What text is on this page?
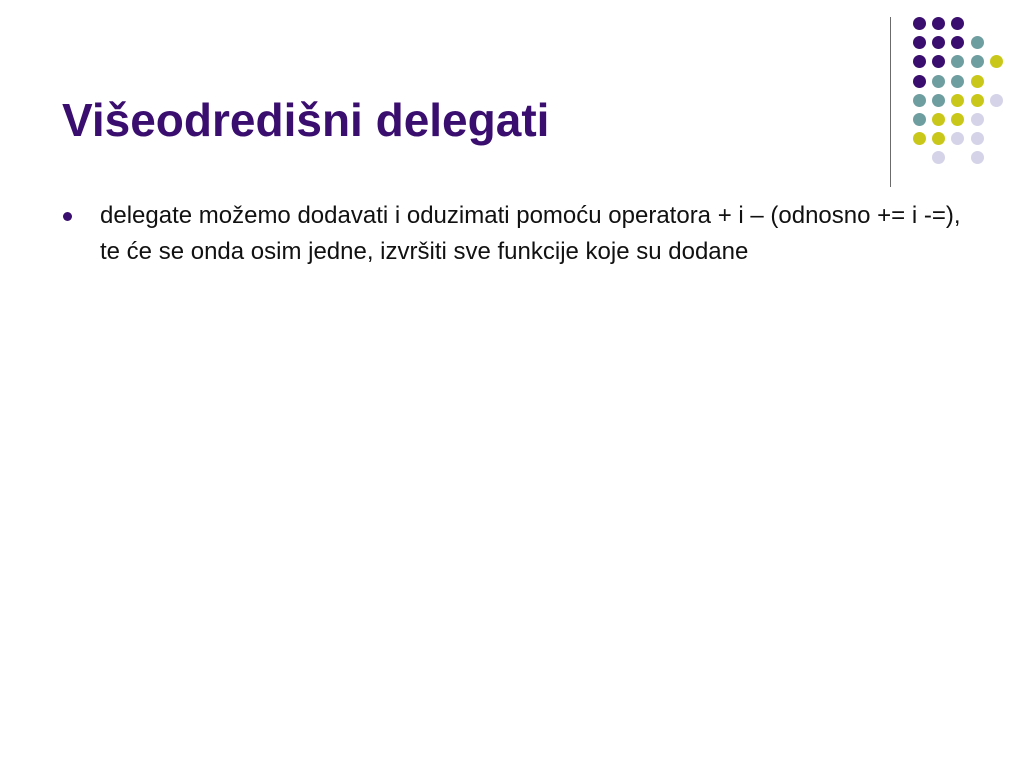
Višeodredišni delegati
delegate možemo dodavati i oduzimati pomoću operatora + i – (odnosno += i -=), te će se onda osim jedne, izvršiti sve funkcije koje su dodane
